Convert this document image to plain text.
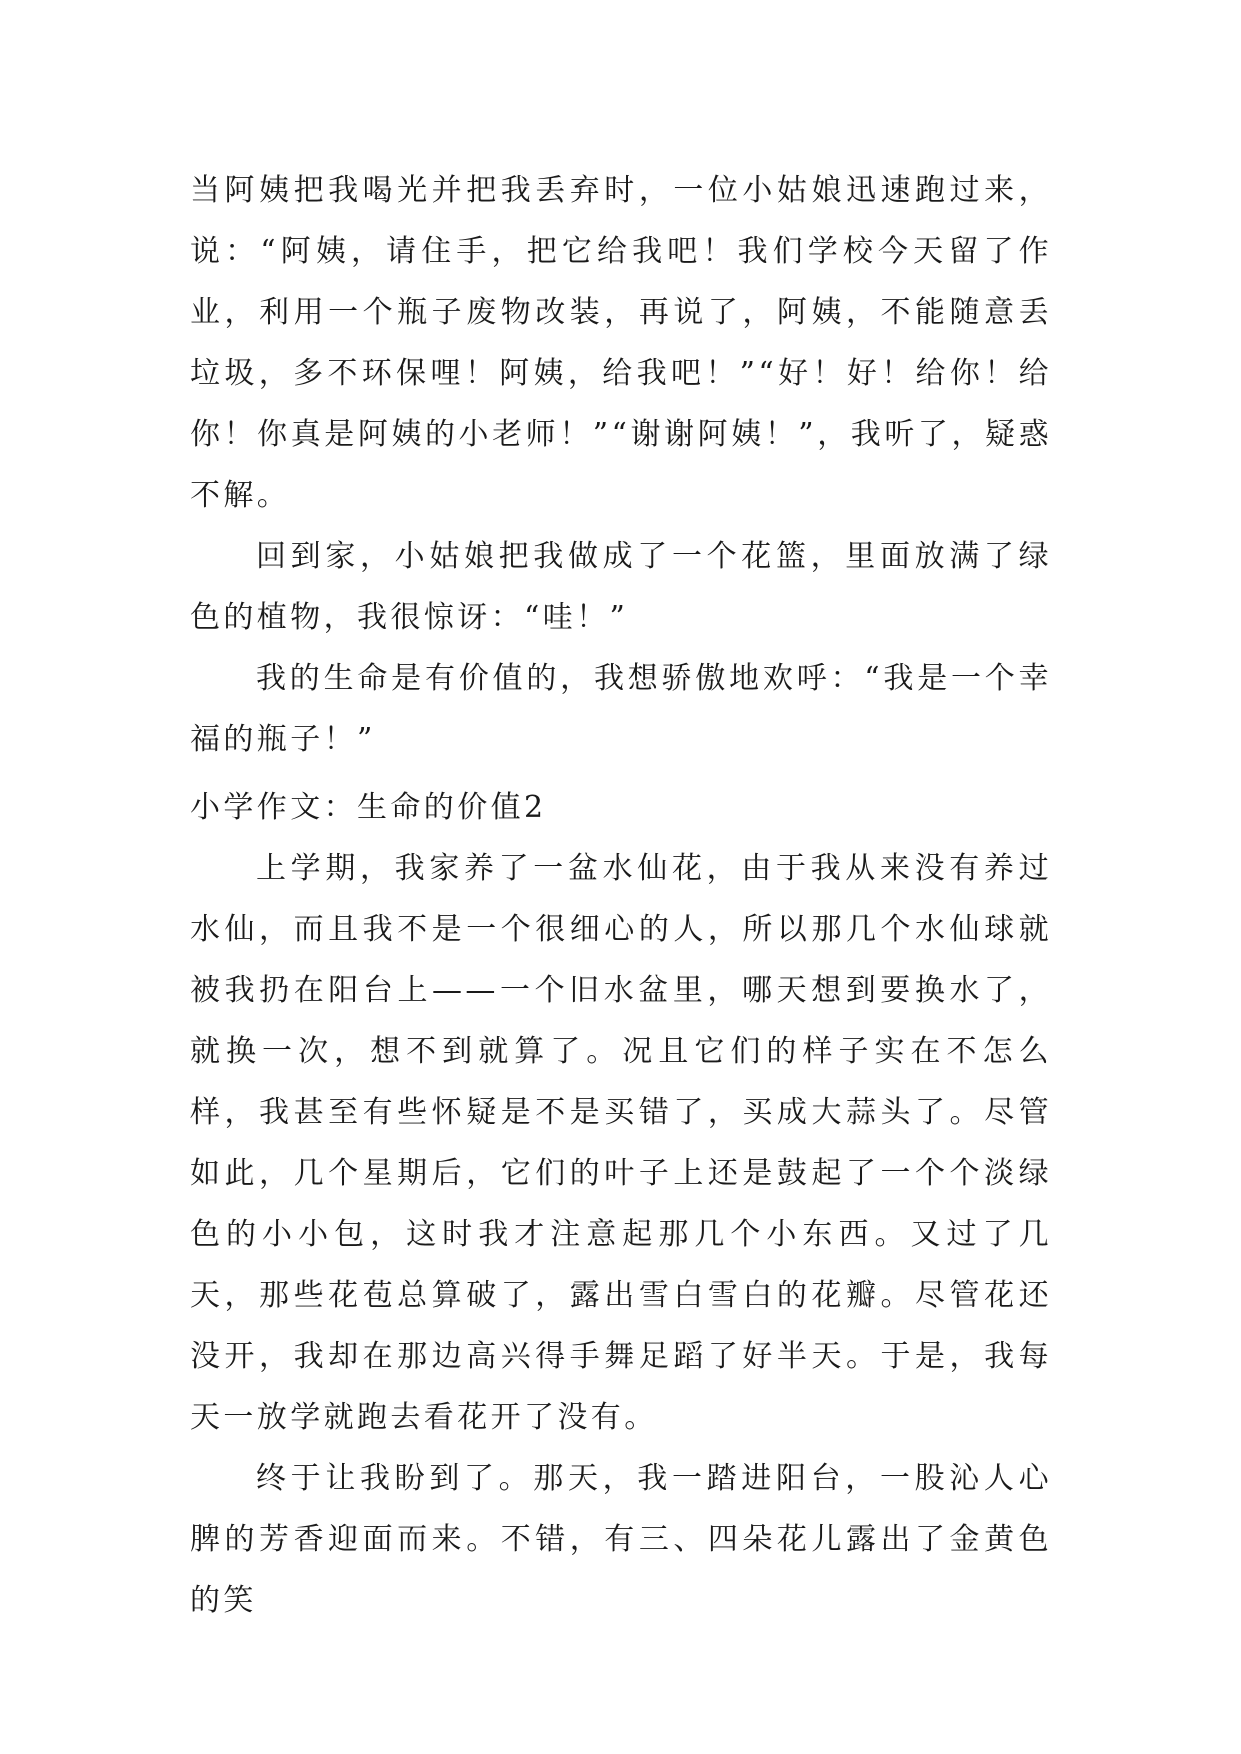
当阿姨把我喝光并把我丢弃时，一位小姑娘迅速跑过来，说：“阿姨，请住手，把它给我吧！我们学校今天留了作业，利用一个瓶子废物改装，再说了，阿姨，不能随意丢垃圾，多不环保哩！阿姨，给我吧！”“好！好！给你！给你！你真是阿姨的小老师！”“谢谢阿姨！”，我听了，疑惑不解。

回到家，小姑娘把我做成了一个花篮，里面放满了绿色的植物，我很惊讶：“哇！”

我的生命是有价值的，我想骄傲地欢呼：“我是一个幸福的瓶子！”

小学作文：生命的价值2

上学期，我家养了一盆水仙花，由于我从来没有养过水仙，而且我不是一个很细心的人，所以那几个水仙球就被我扔在阳台上——一个旧水盆里，哪天想到要换水了，就换一次，想不到就算了。况且它们的样子实在不怎么样，我甚至有些怀疑是不是买错了，买成大蒜头了。尽管如此，几个星期后，它们的叶子上还是鼓起了一个个淡绿色的小小包，这时我才注意起那几个小东西。又过了几天，那些花苞总算破了，露出雪白雪白的花瓣。尽管花还没开，我却在那边高兴得手舞足蹈了好半天。于是，我每天一放学就跑去看花开了没有。

终于让我盼到了。那天，我一踏进阳台，一股沁人心脾的芳香迎面而来。不错，有三、四朵花儿露出了金黄色的笑
